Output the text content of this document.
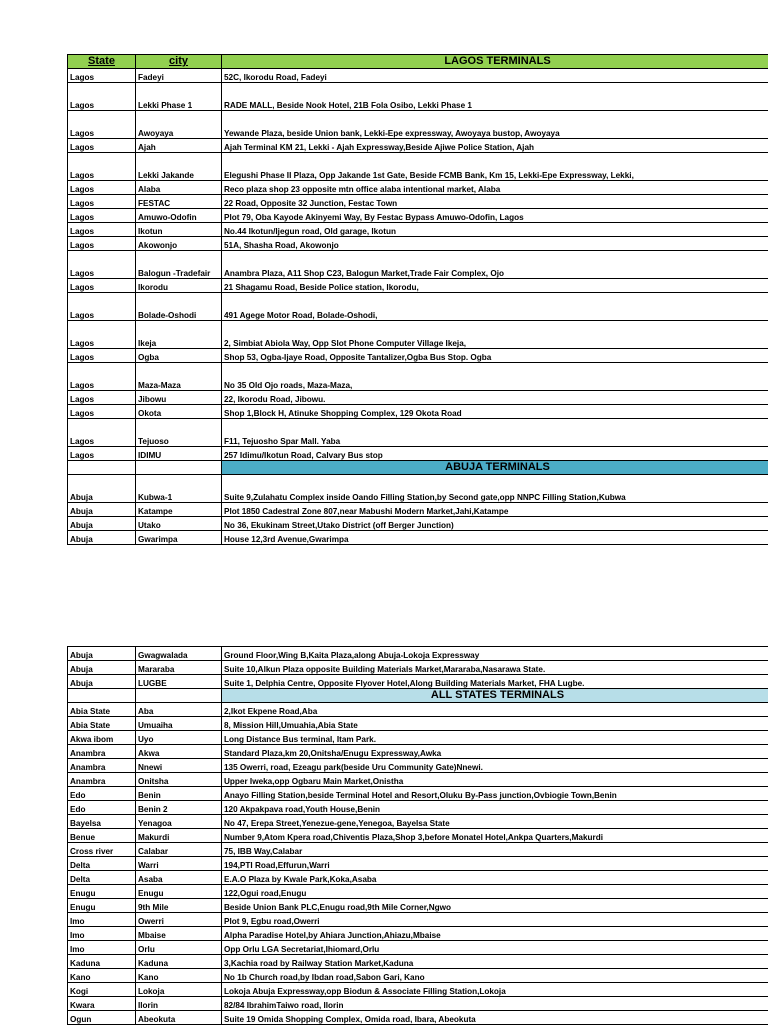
State	city	LAGOS TERMINALS
Lagos	Fadeyi	52C, Ikorodu Road, Fadeyi
Lagos	Lekki Phase 1	RADE MALL, Beside Nook Hotel, 21B Fola Osibo, Lekki Phase 1
Lagos	Awoyaya	Yewande Plaza, beside Union bank, Lekki-Epe expressway, Awoyaya bustop, Awoyaya
Lagos	Ajah	Ajah Terminal KM 21, Lekki - Ajah Expressway,Beside Ajiwe Police Station, Ajah
Lagos	Lekki Jakande	Elegushi Phase II Plaza, Opp Jakande 1st Gate, Beside FCMB Bank, Km 15, Lekki-Epe Expressway, Lekki,
Lagos	Alaba	Reco plaza shop 23 opposite mtn office alaba intentional market, Alaba
Lagos	FESTAC	22 Road, Opposite 32 Junction, Festac Town
Lagos	Amuwo-Odofin	Plot 79, Oba Kayode Akinyemi Way, By Festac Bypass Amuwo-Odofin, Lagos
Lagos	Ikotun	No.44 Ikotun/Ijegun road, Old garage, Ikotun
Lagos	Akowonjo	51A, Shasha Road, Akowonjo
Lagos	Balogun -Tradefair	Anambra Plaza, A11 Shop C23, Balogun Market,Trade Fair Complex, Ojo
Lagos	Ikorodu	21 Shagamu Road, Beside Police station, Ikorodu,
Lagos	Bolade-Oshodi	491 Agege Motor Road, Bolade-Oshodi,
Lagos	Ikeja	2, Simbiat Abiola Way, Opp Slot Phone Computer Village Ikeja,
Lagos	Ogba	Shop 53, Ogba-Ijaye Road, Opposite Tantalizer,Ogba Bus Stop. Ogba
Lagos	Maza-Maza	No 35 Old Ojo roads, Maza-Maza,
Lagos	Jibowu	22, Ikorodu Road, Jibowu.
Lagos	Okota	Shop 1,Block H, Atinuke Shopping Complex, 129 Okota Road
Lagos	Tejuoso	F11, Tejuosho Spar Mall. Yaba
Lagos	IDIMU	257 Idimu/Ikotun Road, Calvary Bus stop
		ABUJA TERMINALS
Abuja	Kubwa-1	Suite 9,Zulahatu Complex inside Oando Filling Station,by Second gate,opp NNPC Filling Station,Kubwa
Abuja	Katampe	Plot 1850 Cadestral Zone 807,near Mabushi Modern Market,Jahi,Katampe
Abuja	Utako	No 36, Ekukinam Street,Utako District (off Berger Junction)
Abuja	Gwarimpa	House 12,3rd Avenue,Gwarimpa
Abuja	Gwagwalada	Ground Floor,Wing B,Kaita Plaza,along Abuja-Lokoja Expressway
Abuja	Mararaba	Suite 10,Alkun Plaza opposite Building Materials Market,Mararaba,Nasarawa State.
Abuja	LUGBE	Suite 1, Delphia Centre, Opposite Flyover Hotel,Along Building Materials Market, FHA Lugbe.
		ALL STATES TERMINALS
Abia State	Aba	2,Ikot Ekpene Road,Aba
Abia State	Umuaiha	8, Mission Hill,Umuahia,Abia State
Akwa ibom	Uyo	Long Distance Bus terminal, Itam Park.
Anambra	Akwa	Standard Plaza,km 20,Onitsha/Enugu Expressway,Awka
Anambra	Nnewi	135 Owerri, road, Ezeagu park(beside Uru Community Gate)Nnewi.
Anambra	Onitsha	Upper Iweka,opp Ogbaru Main Market,Onistha
Edo	Benin	Anayo Filling Station,beside Terminal Hotel and Resort,Oluku By-Pass junction,Ovbiogie Town,Benin
Edo	Benin 2	120 Akpakpava road,Youth House,Benin
Bayelsa	Yenagoa	No 47, Erepa Street,Yenezue-gene,Yenegoa, Bayelsa State
Benue	Makurdi	Number 9,Atom Kpera road,Chiventis Plaza,Shop 3,before Monatel Hotel,Ankpa Quarters,Makurdi
Cross river	Calabar	75, IBB Way,Calabar
Delta	Warri	194,PTI Road,Effurun,Warri
Delta	Asaba	E.A.O Plaza by Kwale Park,Koka,Asaba
Enugu	Enugu	122,Ogui road,Enugu
Enugu	9th Mile	Beside Union Bank PLC,Enugu road,9th Mile Corner,Ngwo
Imo	Owerri	Plot 9, Egbu road,Owerri
Imo	Mbaise	Alpha Paradise Hotel,by Ahiara Junction,Ahiazu,Mbaise
Imo	Orlu	Opp Orlu LGA Secretariat,Ihiomard,Orlu
Kaduna	Kaduna	3,Kachia road by Railway Station Market,Kaduna
Kano	Kano	No 1b Church road,by Ibdan road,Sabon Gari, Kano
Kogi	Lokoja	Lokoja Abuja Expressway,opp Biodun & Associate Filling Station,Lokoja
Kwara	Ilorin	82/84 IbrahimTaiwo road, Ilorin
Ogun	Abeokuta	Suite 19 Omida Shopping Complex, Omida road, Ibara, Abeokuta
